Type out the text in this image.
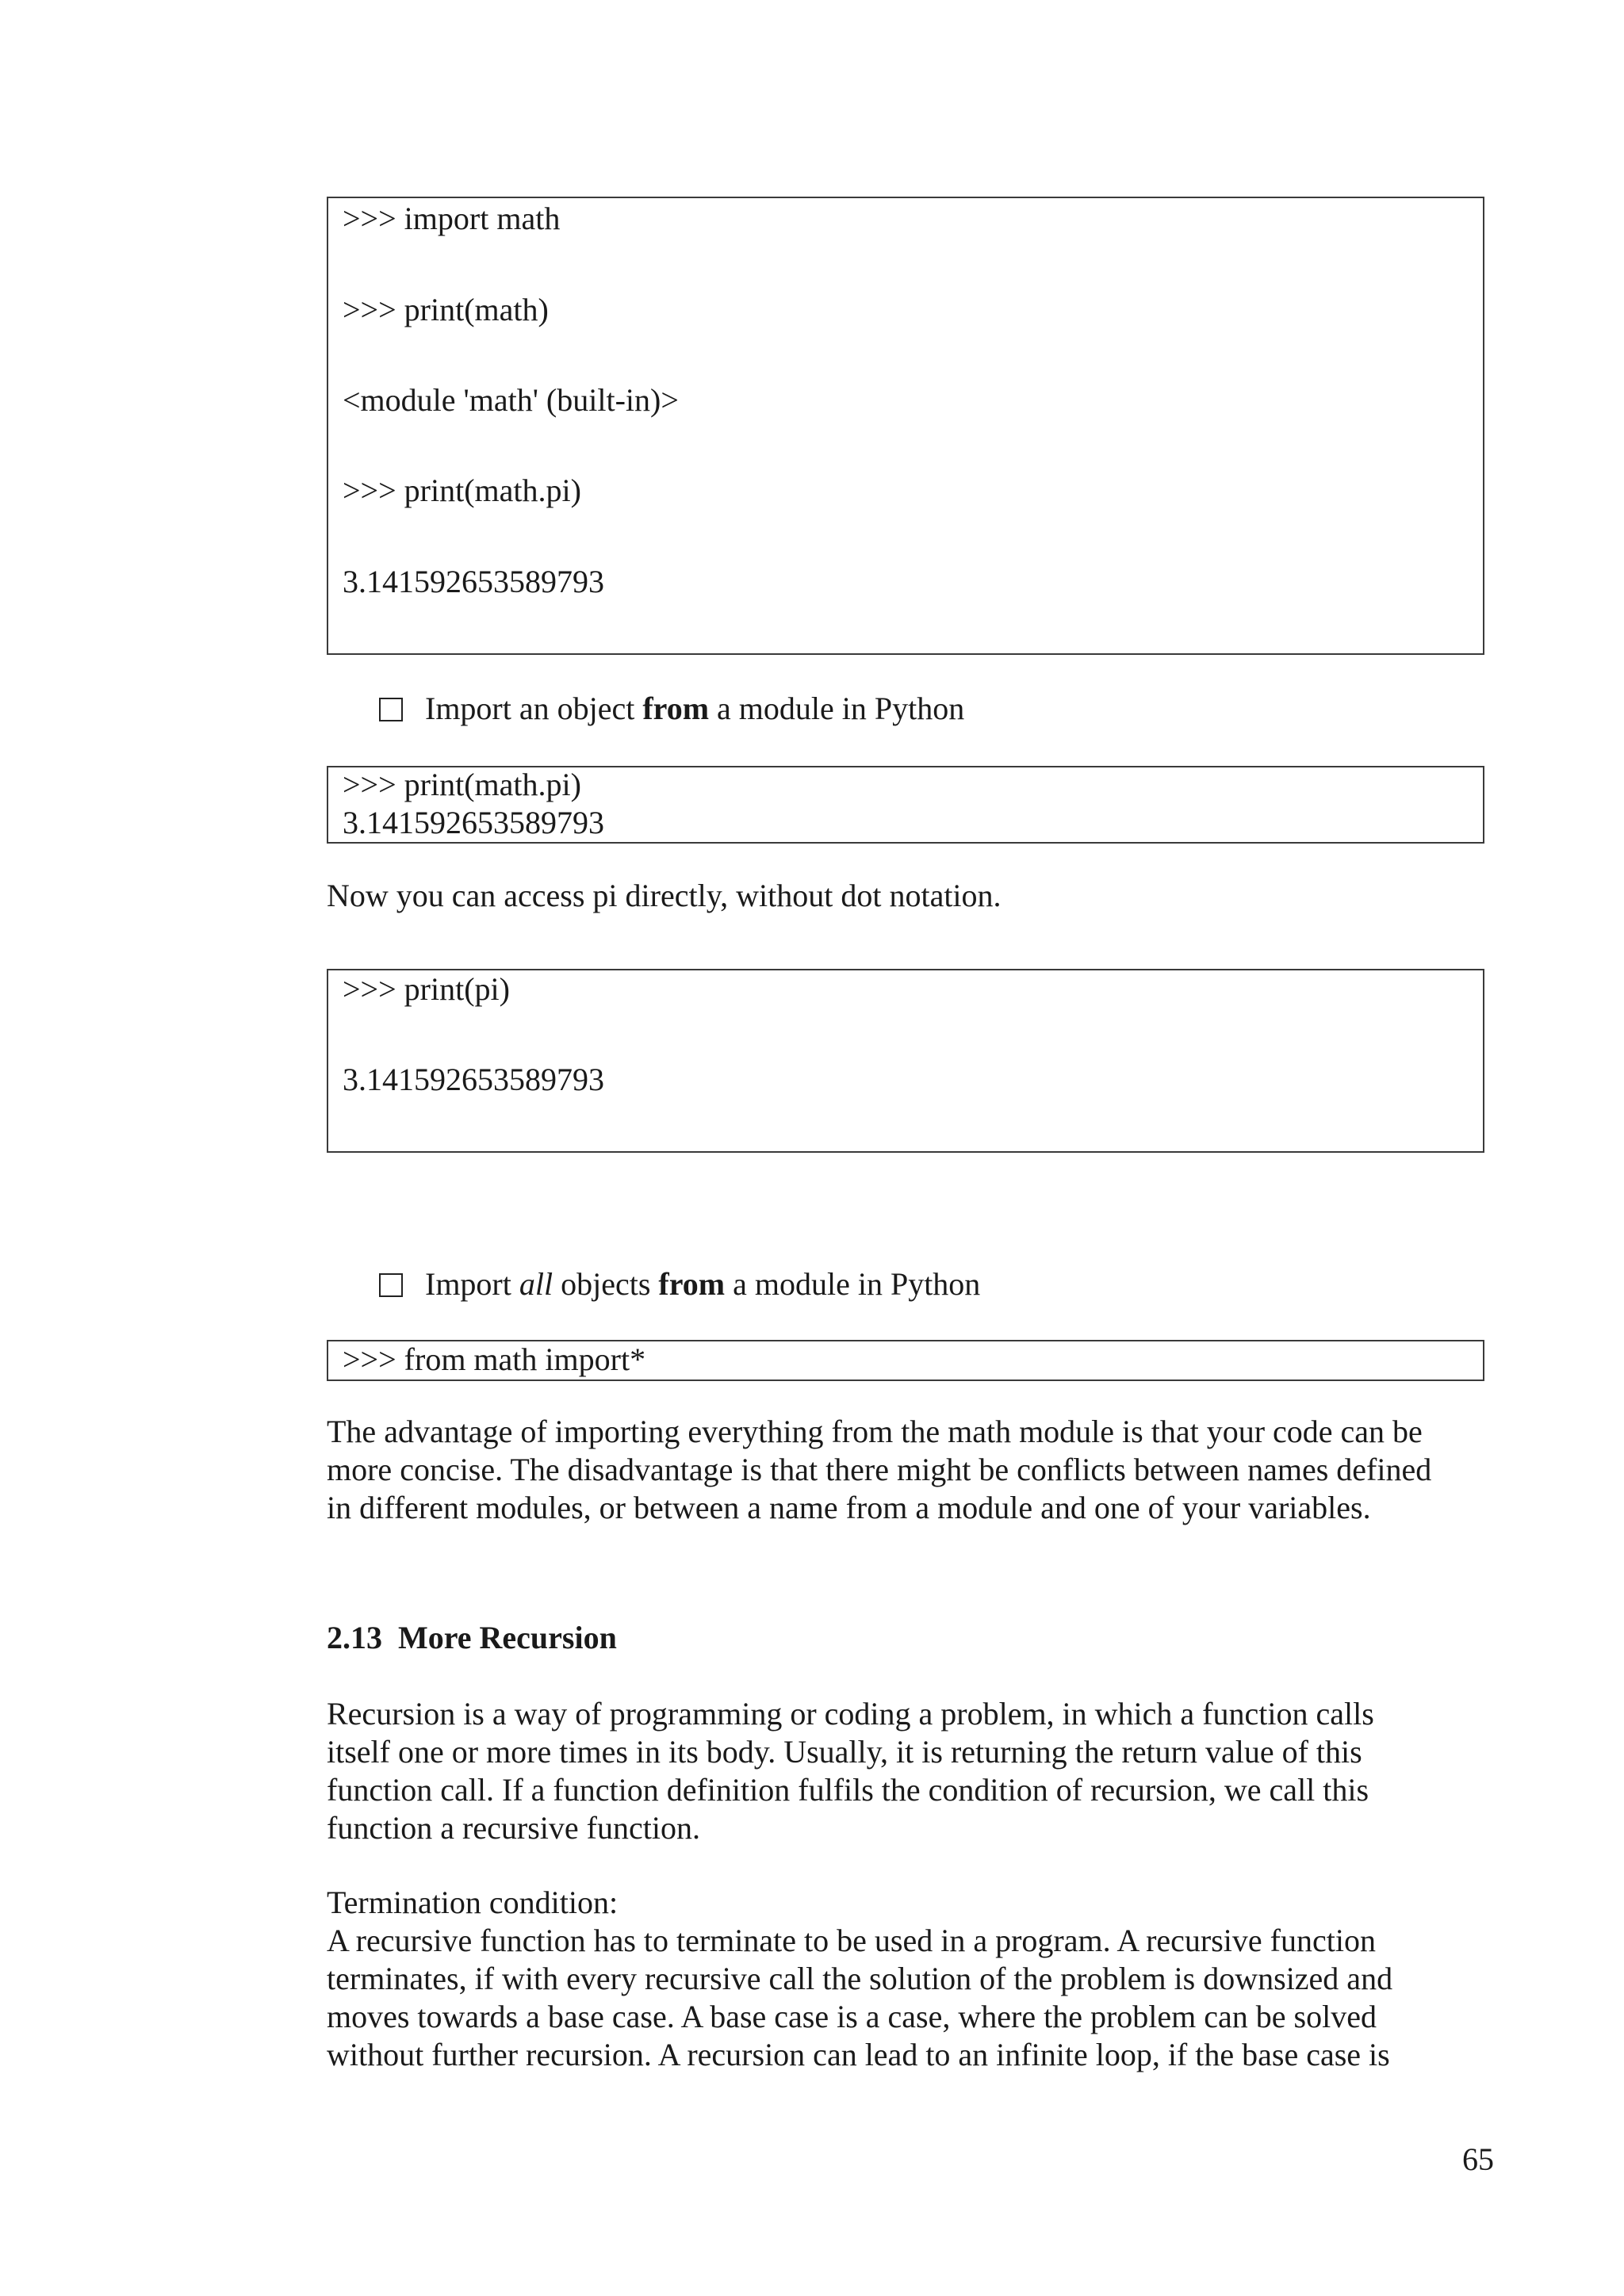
>>> import math
>>> print(math)
<module 'math' (built-in)>
>>> print(math.pi)
3.141592653589793
Import an object from a module in Python
>>> print(math.pi)
3.141592653589793
Now you can access pi directly, without dot notation.
>>> print(pi)
3.141592653589793
Import all objects from a module in Python
>>> from math import*
The advantage of importing everything from the math module is that your code can be
more concise. The disadvantage is that there might be conflicts between names defined
in different modules, or between a name from a module and one of your variables.
2.13  More Recursion
Recursion is a way of programming or coding a problem, in which a function calls
itself one or more times in its body. Usually, it is returning the return value of this
function call. If a function definition fulfils the condition of recursion, we call this
function a recursive function.
Termination condition:
A recursive function has to terminate to be used in a program. A recursive function
terminates, if with every recursive call the solution of the problem is downsized and
moves towards a base case. A base case is a case, where the problem can be solved
without further recursion. A recursion can lead to an infinite loop, if the base case is
65
